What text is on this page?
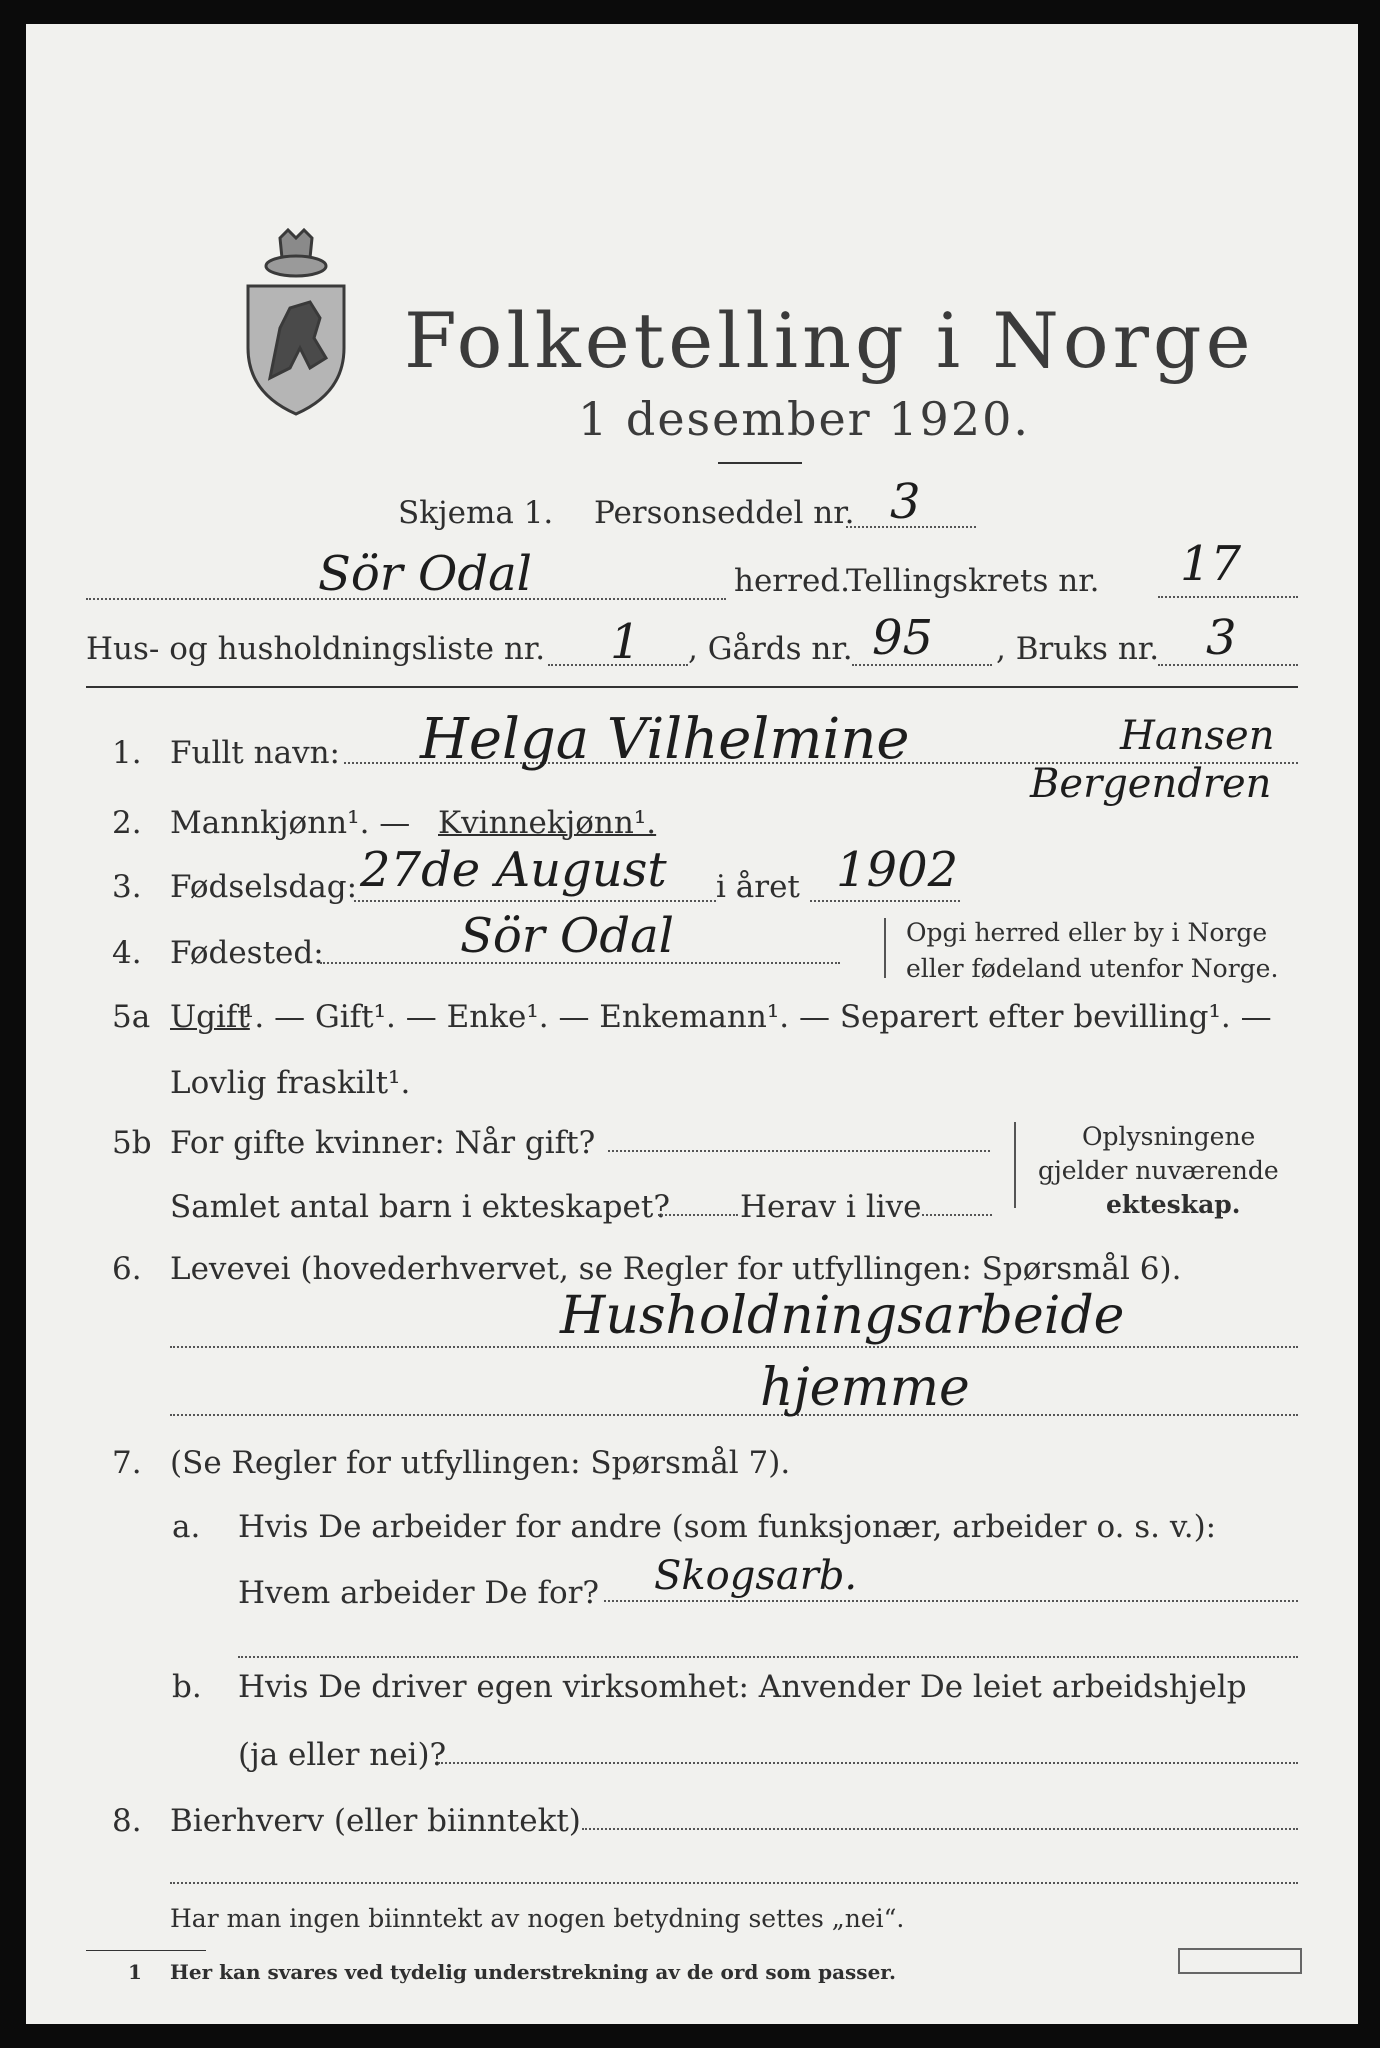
Folketelling i Norge
1 desember 1920.
Skjema 1. Personseddel nr. 3
Sör Odal	herred.
Tellingskrets nr. 17
Hus- og husholdningsliste nr. 1 , Gårds nr. 95 , Bruks nr. 3
1. Fullt navn: Helga Vilhelmine	Hansen
Bergendren
2. Mannkjønn¹. — Kvinnekjønn¹.
3. Fødselsdag: 27de August i året 1902
4. Fødested:	Sör Odal	Opgi herred eller by i Norge
eller fødeland utenfor Norge.
5a Ugift
¹. — Gift¹. — Enke¹. — Enkemann¹. — Separert efter bevilling¹. —
Lovlig fraskilt¹.
5b For gifte kvinner: Når gift?
Samlet antal barn i ekteskapet? Herav i live
Oplysningene
gjelder nuværende
ekteskap.
6. Levevei (hovederhvervet, se Regler for utfyllingen: Spørsmål 6).
Husholdningsarbeide
hjemme
7. (Se Regler for utfyllingen: Spørsmål 7).
a. Hvis De arbeider for andre (som funksjonær, arbeider o. s. v.):
Hvem arbeider De for? Skogsarb.
b. Hvis De driver egen virksomhet: Anvender De leiet arbeidshjelp
(ja eller nei)?
8. Bierhverv (eller biinntekt)
Har man ingen biinntekt av nogen betydning settes „nei“.
1 Her kan svares ved tydelig understrekning av de ord som passer.
